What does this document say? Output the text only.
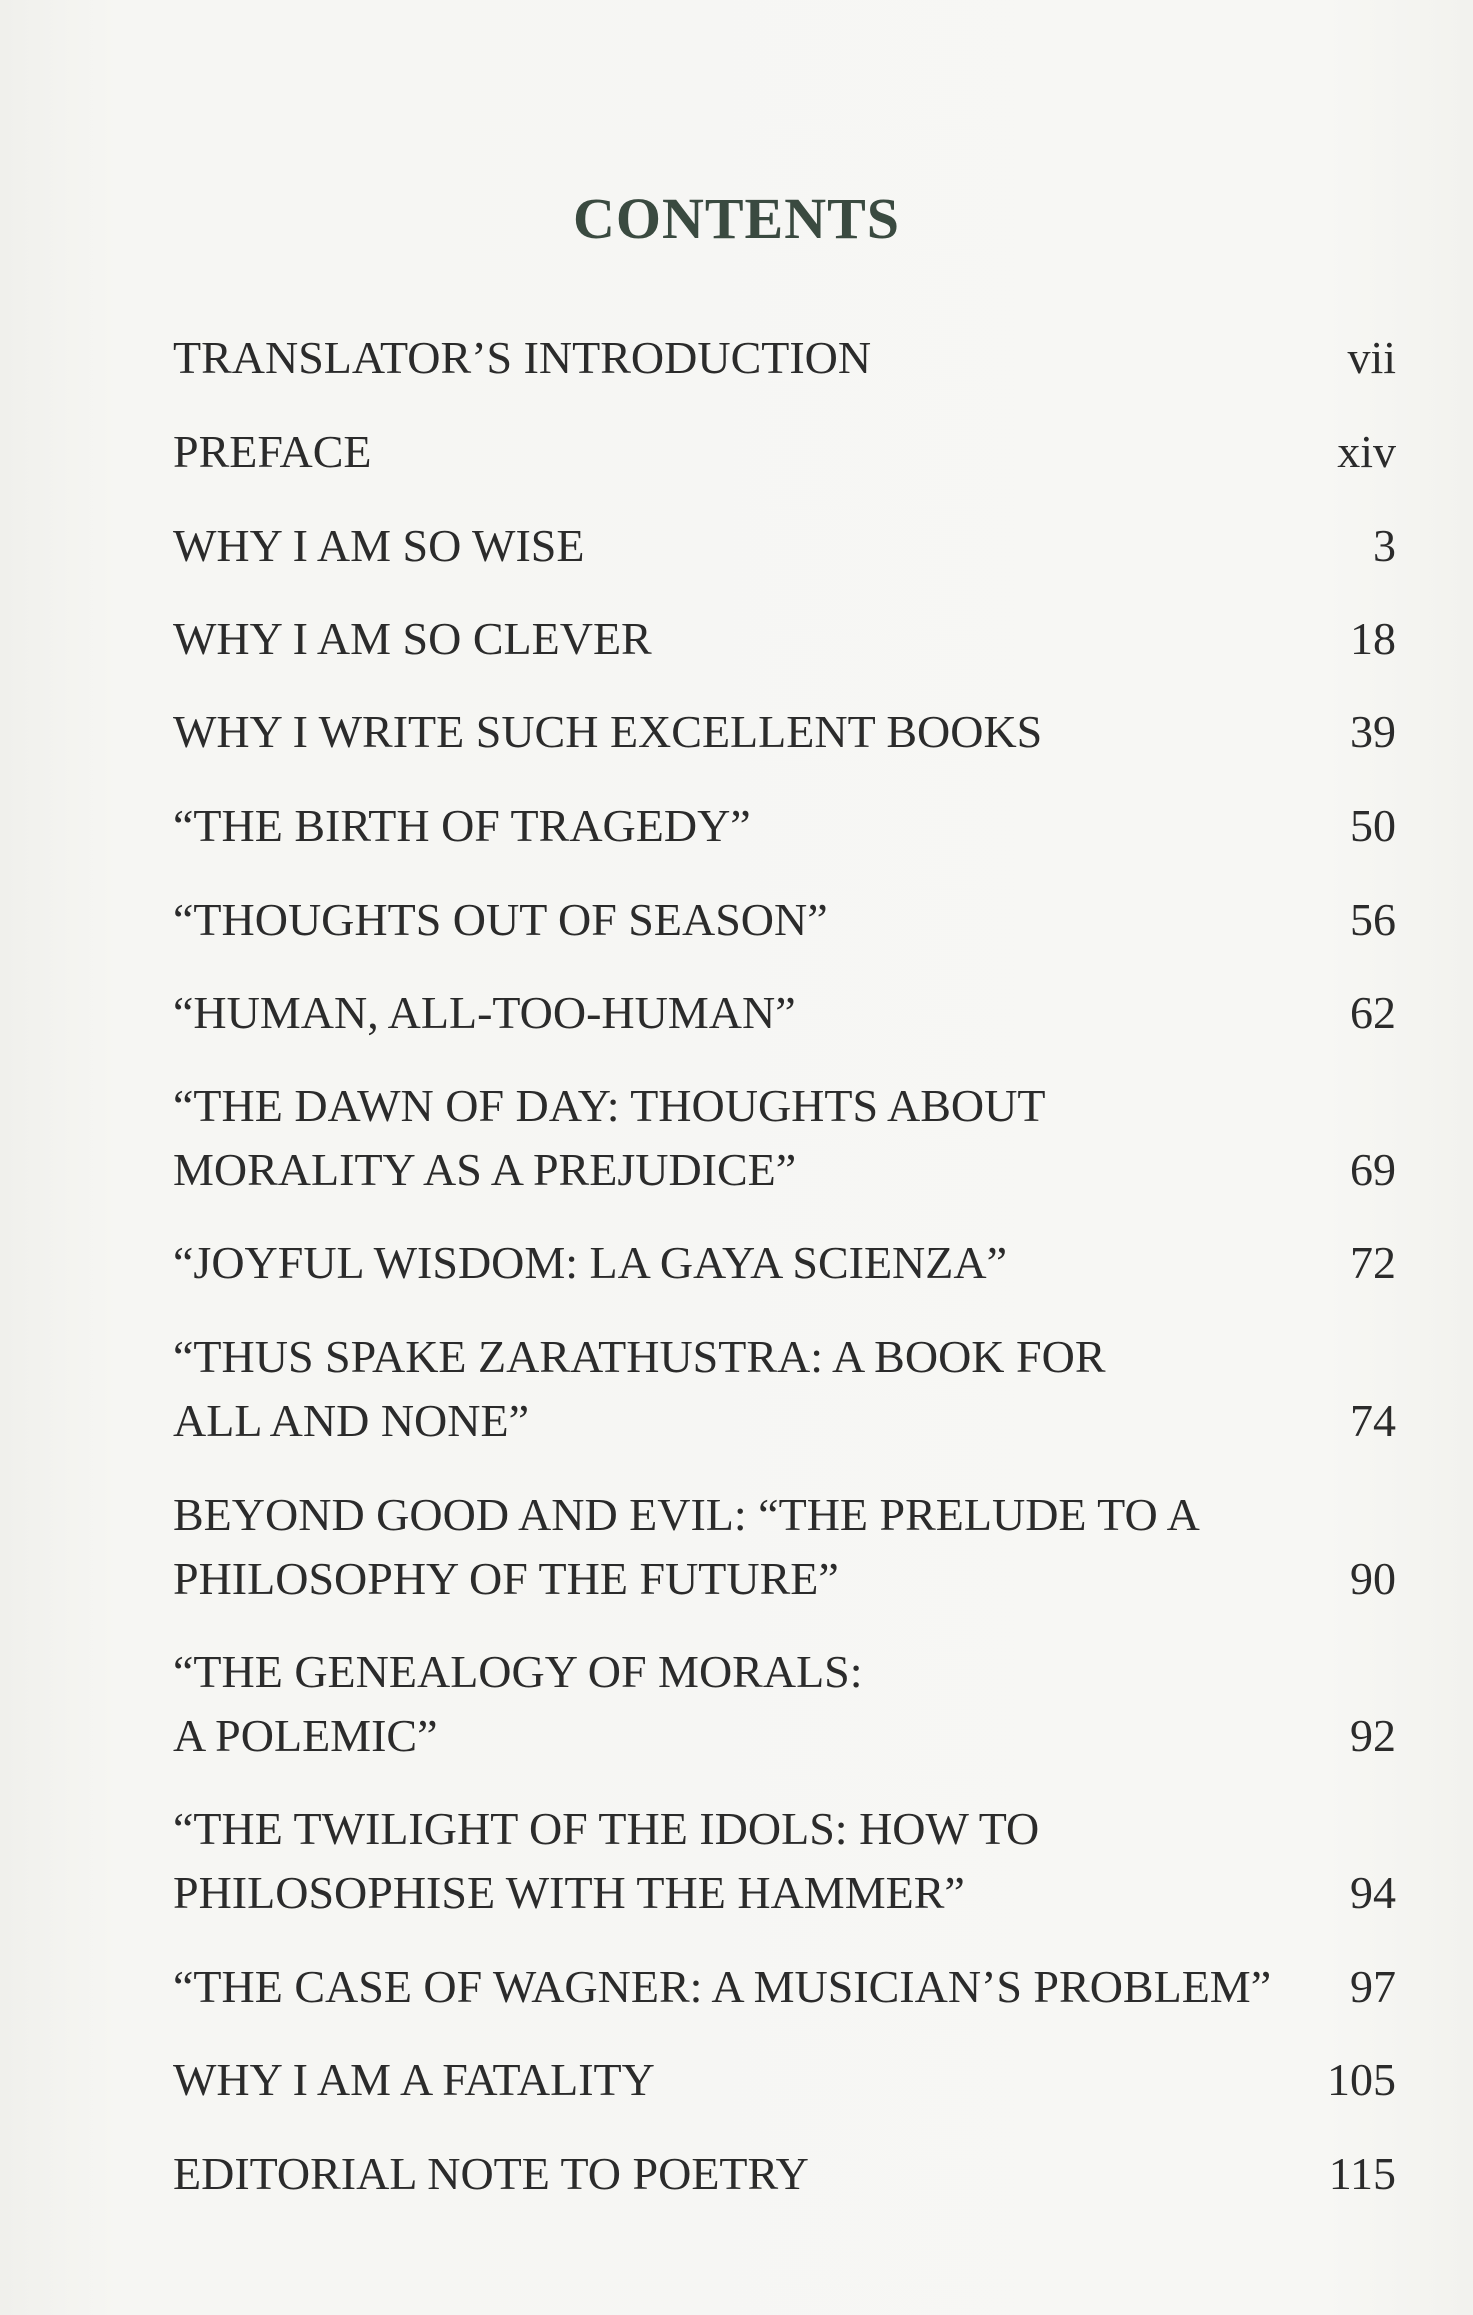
CONTENTS
TRANSLATOR’S INTRODUCTION	vii
PREFACE	xiv
WHY I AM SO WISE	3
WHY I AM SO CLEVER	18
WHY I WRITE SUCH EXCELLENT BOOKS	39
“THE BIRTH OF TRAGEDY”	50
“THOUGHTS OUT OF SEASON”	56
“HUMAN, ALL-TOO-HUMAN”	62
“THE DAWN OF DAY: THOUGHTS ABOUT
MORALITY AS A PREJUDICE”	69
“JOYFUL WISDOM: LA GAYA SCIENZA”	72
“THUS SPAKE ZARATHUSTRA: A BOOK FOR
ALL AND NONE”	74
BEYOND GOOD AND EVIL: “THE PRELUDE TO A
PHILOSOPHY OF THE FUTURE”	90
“THE GENEALOGY OF MORALS:
A POLEMIC”	92
“THE TWILIGHT OF THE IDOLS: HOW TO
PHILOSOPHISE WITH THE HAMMER”	94
“THE CASE OF WAGNER: A MUSICIAN’S PROBLEM” 97
WHY I AM A FATALITY	105
EDITORIAL NOTE TO POETRY	115
